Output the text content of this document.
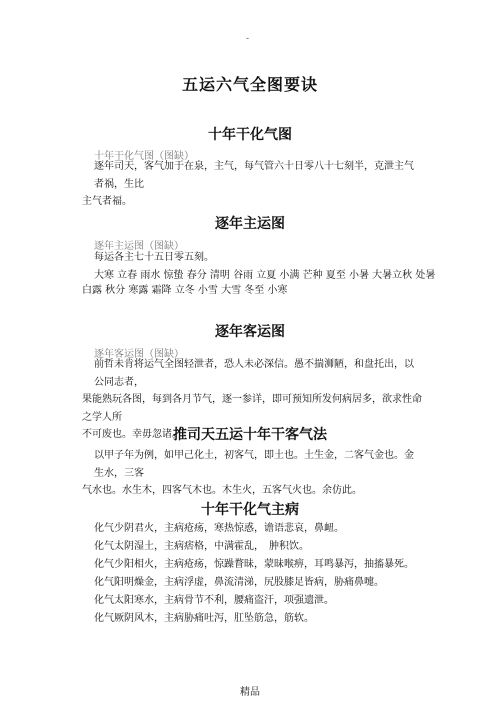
-
五运六气全图要诀
十年干化气图
十年干化气图（图缺）
逐年司天，客气加于在泉，主气，每气管六十日零八十七刻半，克泄主气者祸，生比
主气者福。
逐年主运图
逐年主运图（图缺）
每运各主七十五日零五刻。
大寒 立春 雨水 惊蛰 春分 清明 谷雨 立夏 小满 芒种 夏至 小暑 大暑立秋 处暑
白露 秋分 寒露 霜降 立冬 小雪 大雪 冬至 小寒
逐年客运图
逐年客运图（图缺）
前哲未肯将运气全图轻泄者，恐人未必深信。愚不揣浉陋，和盘托出，以公同志者，
果能熟玩各图，每到各月节气，逐一参详，即可预知所发何病居多，欲求性命之学人所
不可废也。幸毋忽诸。
推司天五运十年干客气法
以甲子年为例，如甲己化土，初客气，即土也。土生金，二客气金也。金生水，三客
气水也。水生木，四客气木也。木生火，五客气火也。余仿此。
十年干化气主病
化气少阴君火，主病疮疡，寒热惊惑，谵语悲哀，鼻衄。
化气太阴湿土，主病痞格，中满霍乱，　肿积饮。
化气少阳相火，主病疮疡，惊躁瞀昧，蒙昧喉痹，耳鸣暴泻，抽搐暴死。
化气阳明燥金，主病浮虚，鼻流清涕，尻股膝足皆病，胁痛鼻嚏。
化气太阳寒水，主病骨节不利，腰痛盗汗，项强遗泄。
化气厥阴风木，主病胁痛吐泻，肛坠筋急，筋软。
精品
